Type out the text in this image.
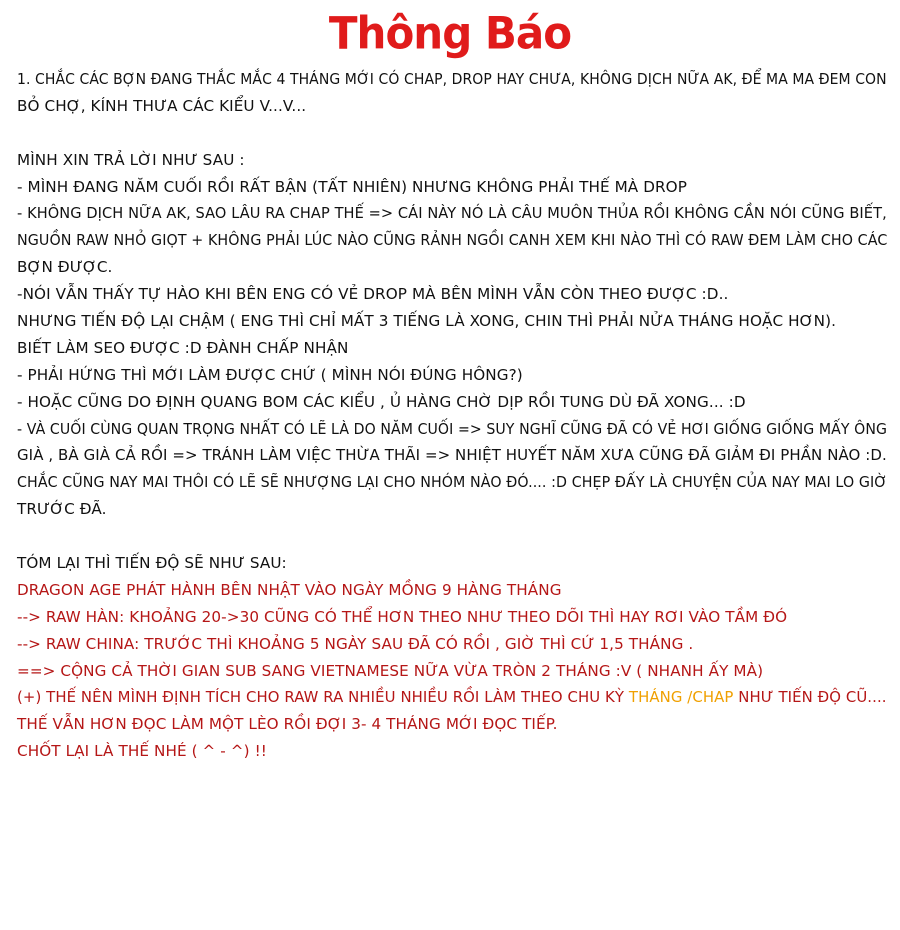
Thông Báo
1. CHẮC CÁC BỢN ĐANG THẮC MẮC 4 THÁNG MỚI CÓ CHAP, DROP HAY CHƯA, KHÔNG DỊCH NỮA AK, ĐỂ MA MA ĐEM CON
BỎ CHỢ, KÍNH THƯA CÁC KIỂU V...V...
MÌNH XIN TRẢ LỜI NHƯ SAU :
- MÌNH ĐANG NĂM CUỐI RỒI RẤT BẬN (TẤT NHIÊN) NHƯNG KHÔNG PHẢI THẾ MÀ DROP
- KHÔNG DỊCH NỮA AK, SAO LÂU RA CHAP THẾ => CÁI NÀY NÓ LÀ CÂU MUÔN THỦA RỒI KHÔNG CẦN NÓI CŨNG BIẾT,
NGUỒN RAW NHỎ GIỌT + KHÔNG PHẢI LÚC NÀO CŨNG RẢNH NGỒI CANH XEM KHI NÀO THÌ CÓ RAW ĐEM LÀM CHO CÁC
BỢN ĐƯỢC.
-NÓI VẪN THẤY TỰ HÀO KHI BÊN ENG CÓ VẺ DROP MÀ BÊN MÌNH VẪN CÒN THEO ĐƯỢC :D..
NHƯNG TIẾN ĐỘ LẠI CHẬM ( ENG THÌ CHỈ MẤT 3 TIẾNG LÀ XONG, CHIN THÌ PHẢI NỬA THÁNG HOẶC HƠN).
BIẾT LÀM SEO ĐƯỢC :D ĐÀNH CHẤP NHẬN
- PHẢI HỨNG THÌ MỚI LÀM ĐƯỢC CHỨ ( MÌNH NÓI ĐÚNG HÔNG?)
- HOẶC CŨNG DO ĐỊNH QUANG BOM CÁC KIỂU , Ủ HÀNG CHỜ DỊP RỒI TUNG DÙ ĐÃ XONG... :D
- VÀ CUỐI CÙNG QUAN TRỌNG NHẤT CÓ LẼ LÀ DO NĂM CUỐI => SUY NGHĨ CŨNG ĐÃ CÓ VẺ HƠI GIỐNG GIỐNG MẤY ÔNG
GIÀ , BÀ GIÀ CẢ RỒI => TRÁNH LÀM VIỆC THỪA THÃI => NHIỆT HUYẾT NĂM XƯA CŨNG ĐÃ GIẢM ĐI PHẦN NÀO :D.
CHẮC CŨNG NAY MAI THÔI CÓ LẼ SẼ NHƯỢNG LẠI CHO NHÓM NÀO ĐÓ.... :D CHẸP ĐẤY LÀ CHUYỆN CỦA NAY MAI LO GIỜ
TRƯỚC ĐÃ.
TÓM LẠI THÌ TIẾN ĐỘ SẼ NHƯ SAU:
DRAGON AGE PHÁT HÀNH BÊN NHẬT VÀO NGÀY MỒNG 9 HÀNG THÁNG
--> RAW HÀN: KHOẢNG 20->30 CŨNG CÓ THỂ HƠN THEO NHƯ THEO DÕI THÌ HAY RƠI VÀO TẦM ĐÓ
--> RAW CHINA: TRƯỚC THÌ KHOẢNG 5 NGÀY SAU ĐÃ CÓ RỒI , GIỜ THÌ CỨ 1,5 THÁNG .
==> CỘNG CẢ THỜI GIAN SUB SANG VIETNAMESE NỮA VỪA TRÒN 2 THÁNG :V ( NHANH ẤY MÀ)
(+) THẾ NÊN MÌNH ĐỊNH TÍCH CHO RAW RA NHIỀU NHIỀU RỒI LÀM THEO CHU KỲ THÁNG /CHAP NHƯ TIẾN ĐỘ CŨ....
THẾ VẪN HƠN ĐỌC LÀM MỘT LÈO RỒI ĐỢI 3- 4 THÁNG MỚI ĐỌC TIẾP.
CHỐT LẠI LÀ THẾ NHÉ ( ^ - ^) !!
